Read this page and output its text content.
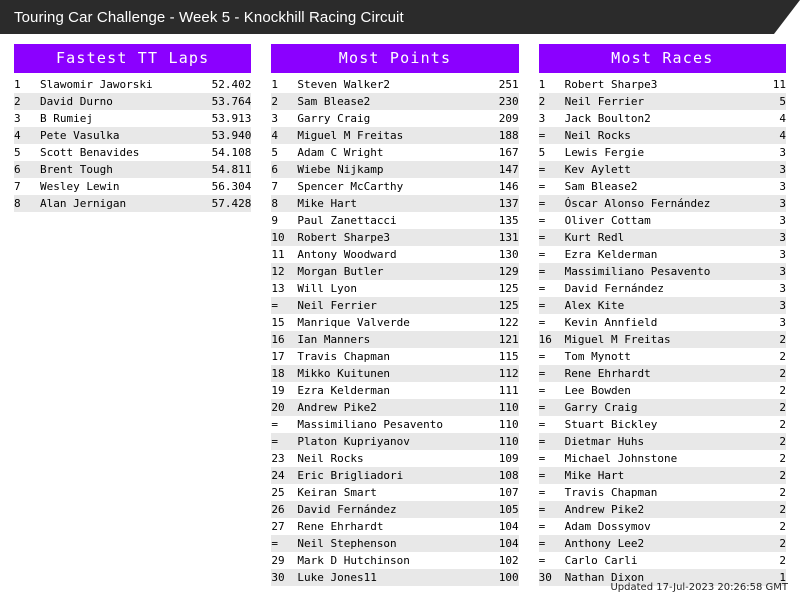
Touring Car Challenge - Week 5 - Knockhill Racing Circuit
Fastest TT Laps
1	Slawomir Jaworski	52.402
2	David Durno	53.764
3	B Rumiej	53.913
4	Pete Vasulka	53.940
5	Scott Benavides	54.108
6	Brent Tough	54.811
7	Wesley Lewin	56.304
8	Alan Jernigan	57.428
Most Points
1	Steven Walker2	251
2	Sam Blease2	230
3	Garry Craig	209
4	Miguel M Freitas	188
5	Adam C Wright	167
6	Wiebe Nijkamp	147
7	Spencer McCarthy	146
8	Mike Hart	137
9	Paul Zanettacci	135
10	Robert Sharpe3	131
11	Antony Woodward	130
12	Morgan Butler	129
13	Will Lyon	125
=	Neil Ferrier	125
15	Manrique Valverde	122
16	Ian Manners	121
17	Travis Chapman	115
18	Mikko Kuitunen	112
19	Ezra Kelderman	111
20	Andrew Pike2	110
=	Massimiliano Pesavento	110
=	Platon Kupriyanov	110
23	Neil Rocks	109
24	Eric Brigliadori	108
25	Keiran Smart	107
26	David Fernández	105
27	Rene Ehrhardt	104
=	Neil Stephenson	104
29	Mark D Hutchinson	102
30	Luke Jones11	100
Most Races
1	Robert Sharpe3	11
2	Neil Ferrier	5
3	Jack Boulton2	4
=	Neil Rocks	4
5	Lewis Fergie	3
=	Kev Aylett	3
=	Sam Blease2	3
=	Óscar Alonso Fernández	3
=	Oliver Cottam	3
=	Kurt Redl	3
=	Ezra Kelderman	3
=	Massimiliano Pesavento	3
=	David Fernández	3
=	Alex Kite	3
=	Kevin Annfield	3
16	Miguel M Freitas	2
=	Tom Mynott	2
=	Rene Ehrhardt	2
=	Lee Bowden	2
=	Garry Craig	2
=	Stuart Bickley	2
=	Dietmar Huhs	2
=	Michael Johnstone	2
=	Mike Hart	2
=	Travis Chapman	2
=	Andrew Pike2	2
=	Adam Dossymov	2
=	Anthony Lee2	2
=	Carlo Carli	2
30	Nathan Dixon	1
Updated 17-Jul-2023 20:26:58 GMT
